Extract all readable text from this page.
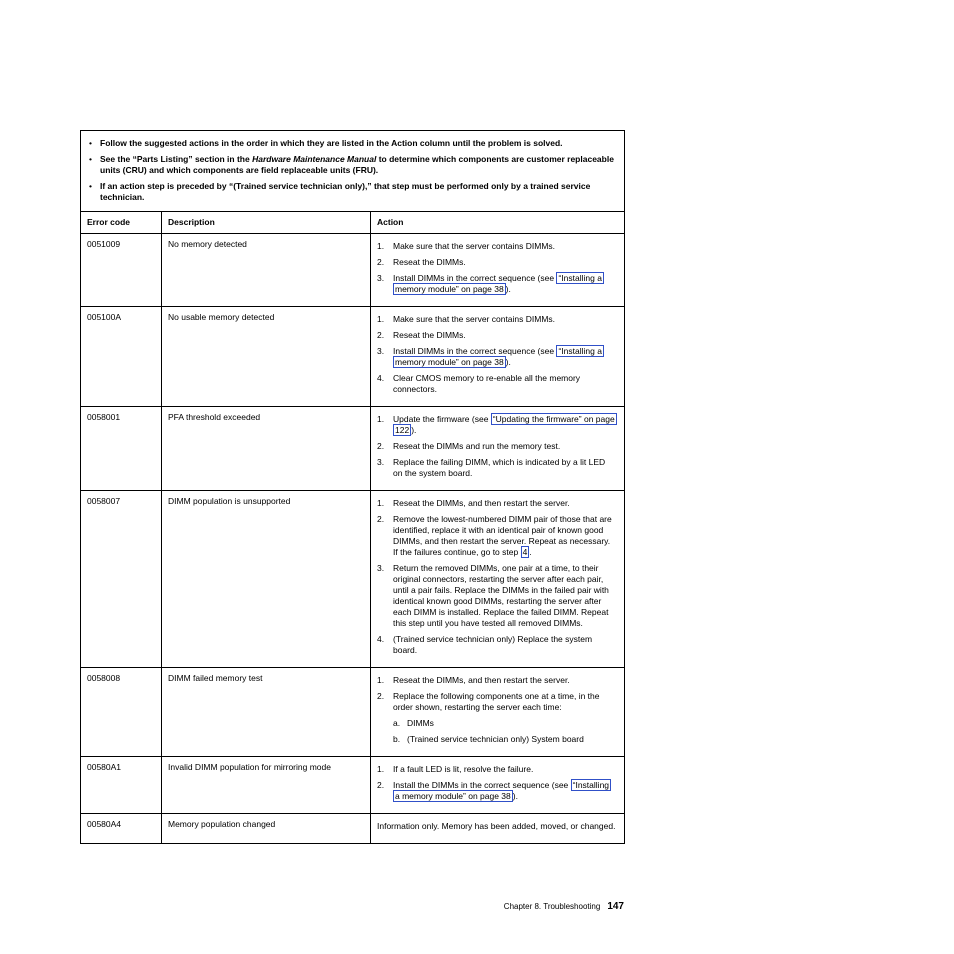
• Follow the suggested actions in the order in which they are listed in the Action column until the problem is solved.
• See the “Parts Listing” section in the Hardware Maintenance Manual to determine which components are customer replaceable units (CRU) and which components are field replaceable units (FRU).
• If an action step is preceded by “(Trained service technician only),” that step must be performed only by a trained service technician.

Error code	Description	Action
0051009	No memory detected	1.	Make sure that the server contains DIMMs.
2.	Reseat the DIMMs.
3.	Install DIMMs in the correct sequence (see “Installing a memory module” on page 38 ).

005100A	No usable memory detected	1.	Make sure that the server contains DIMMs.
2.	Reseat the DIMMs.
3.	Install DIMMs in the correct sequence (see “Installing a memory module” on page 38 ).
4.	Clear CMOS memory to re-enable all the memory connectors.

0058001	PFA threshold exceeded	1.	Update the firmware (see “Updating the firmware” on page 122 ).
2.	Reseat the DIMMs and run the memory test.
3.	Replace the failing DIMM, which is indicated by a lit LED on the system board.

0058007	DIMM population is unsupported	1.	Reseat the DIMMs, and then restart the server.
2.	Remove the lowest-numbered DIMM pair of those that are identified, replace it with an identical pair of known good DIMMs, and then restart the server. Repeat as necessary. If the failures continue, go to step 4 .
3.	Return the removed DIMMs, one pair at a time, to their original connectors, restarting the server after each pair, until a pair fails. Replace the DIMMs in the failed pair with identical known good DIMMs, restarting the server after each DIMM is installed. Replace the failed DIMM. Repeat this step until you have tested all removed DIMMs.
4.	(Trained service technician only) Replace the system board.

0058008	DIMM failed memory test	1.	Reseat the DIMMs, and then restart the server.
2.	Replace the following components one at a time, in the order shown, restarting the server each time:
a. DIMMs
b. (Trained service technician only) System board

00580A1	Invalid DIMM population for mirroring mode	1. If a fault LED is lit, resolve the failure.
2. Install the DIMMs in the correct sequence (see “Installing a memory module” on page 38 ).

00580A4	Memory population changed	Information only. Memory has been added, moved, or changed.
Chapter 8. Troubleshooting 147
